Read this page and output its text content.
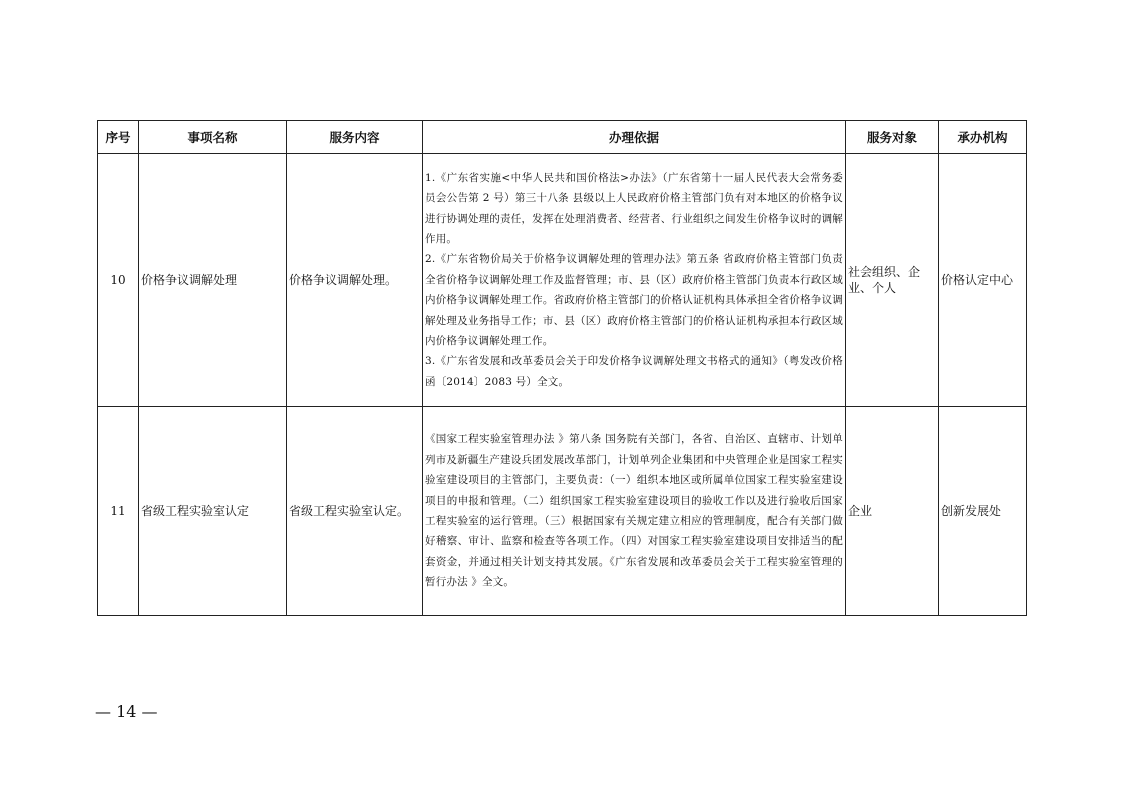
序号	事项名称	服务内容	办理依据	服务对象	承办机构
10	价格争议调解处理	价格争议调解处理。	1.《广东省实施<中华人民共和国价格法>办法》（广东省第十一届人民代表大会常务委员会公告第 2 号）第三十八条 县级以上人民政府价格主管部门负有对本地区的价格争议进行协调处理的责任，发挥在处理消费者、经营者、行业组织之间发生价格争议时的调解作用。

2.《广东省物价局关于价格争议调解处理的管理办法》第五条 省政府价格主管部门负责全省价格争议调解处理工作及监督管理；市、县（区）政府价格主管部门负责本行政区域内价格争议调解处理工作。省政府价格主管部门的价格认证机构具体承担全省价格争议调解处理及业务指导工作；市、县（区）政府价格主管部门的价格认证机构承担本行政区域内价格争议调解处理工作。

3.《广东省发展和改革委员会关于印发价格争议调解处理文书格式的通知》（粤发改价格函〔2014〕2083 号）全文。	社会组织、企业、个人	价格认定中心
11	省级工程实验室认定	省级工程实验室认定。	《国家工程实验室管理办法 》第八条 国务院有关部门，各省、自治区、直辖市、计划单列市及新疆生产建设兵团发展改革部门，计划单列企业集团和中央管理企业是国家工程实验室建设项目的主管部门，主要负责：（一）组织本地区或所属单位国家工程实验室建设项目的申报和管理。（二）组织国家工程实验室建设项目的验收工作以及进行验收后国家工程实验室的运行管理。（三）根据国家有关规定建立相应的管理制度，配合有关部门做好稽察、审计、监察和检查等各项工作。（四）对国家工程实验室建设项目安排适当的配套资金，并通过相关计划支持其发展。《广东省发展和改革委员会关于工程实验室管理的暂行办法 》全文。	企业	创新发展处
— 14 —
